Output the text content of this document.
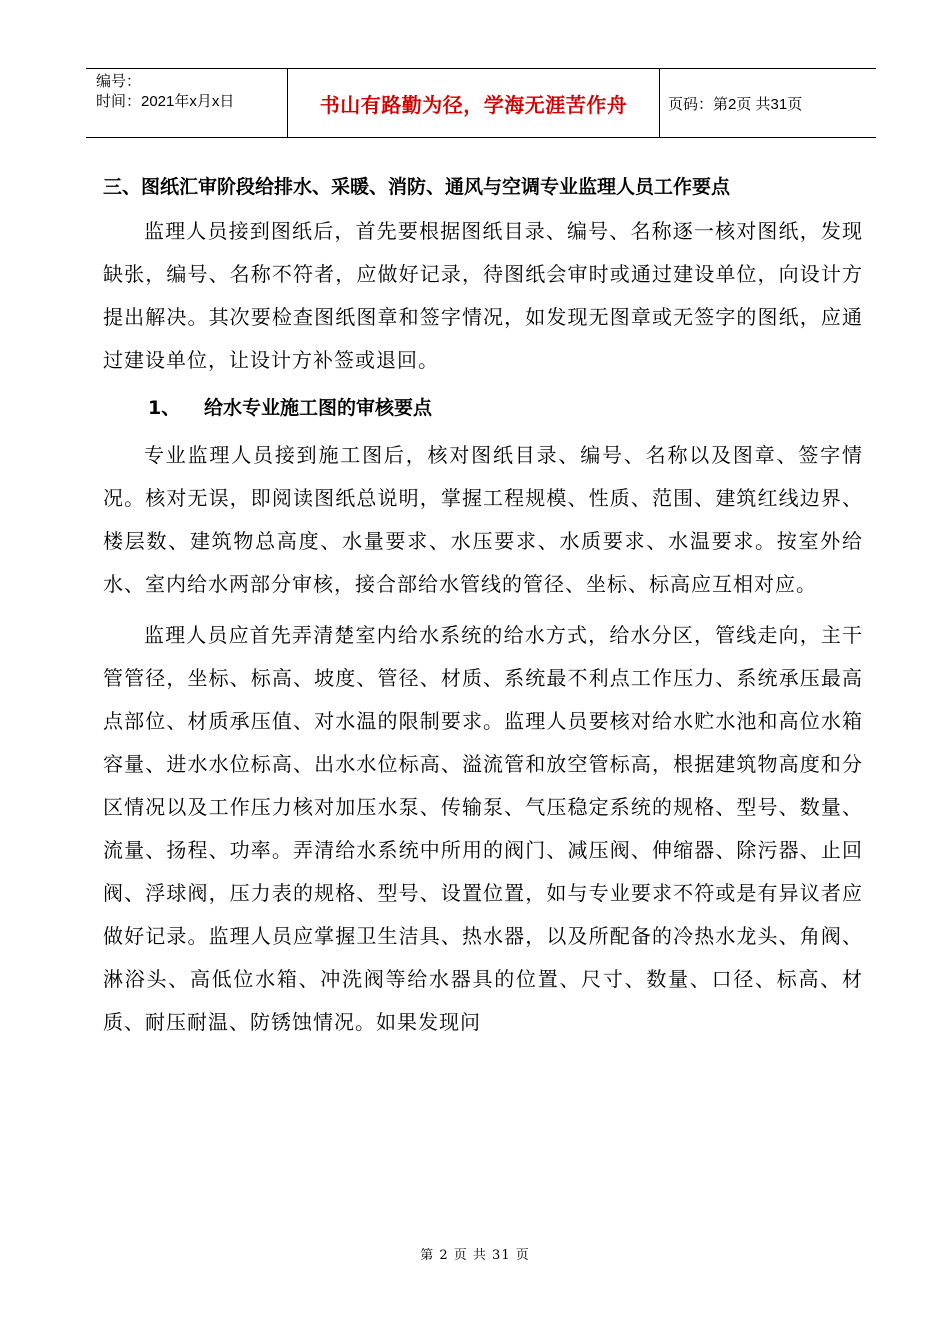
编号：
时间：2021年x月x日	书山有路勤为径，学海无涯苦作舟	页码：第2页 共31页
三、图纸汇审阶段给排水、采暖、消防、通风与空调专业监理人员工作要点

监理人员接到图纸后，首先要根据图纸目录、编号、名称逐一核对图纸，发现缺张，编号、名称不符者，应做好记录，待图纸会审时或通过建设单位，向设计方提出解决。其次要检查图纸图章和签字情况，如发现无图章或无签字的图纸，应通过建设单位，让设计方补签或退回。

1、	给水专业施工图的审核要点

专业监理人员接到施工图后，核对图纸目录、编号、名称以及图章、签字情况。核对无误，即阅读图纸总说明，掌握工程规模、性质、范围、建筑红线边界、楼层数、建筑物总高度、水量要求、水压要求、水质要求、水温要求。按室外给水、室内给水两部分审核，接合部给水管线的管径、坐标、标高应互相对应。

监理人员应首先弄清楚室内给水系统的给水方式，给水分区，管线走向，主干管管径，坐标、标高、坡度、管径、材质、系统最不利点工作压力、系统承压最高点部位、材质承压值、对水温的限制要求。监理人员要核对给水贮水池和高位水箱容量、进水水位标高、出水水位标高、溢流管和放空管标高，根据建筑物高度和分区情况以及工作压力核对加压水泵、传输泵、气压稳定系统的规格、型号、数量、流量、扬程、功率。弄清给水系统中所用的阀门、减压阀、伸缩器、除污器、止回阀、浮球阀，压力表的规格、型号、设置位置，如与专业要求不符或是有异议者应做好记录。监理人员应掌握卫生洁具、热水器，以及所配备的冷热水龙头、角阀、淋浴头、高低位水箱、冲洗阀等给水器具的位置、尺寸、数量、口径、标高、材质、耐压耐温、防锈蚀情况。如果发现问

第 2 页 共 31 页
